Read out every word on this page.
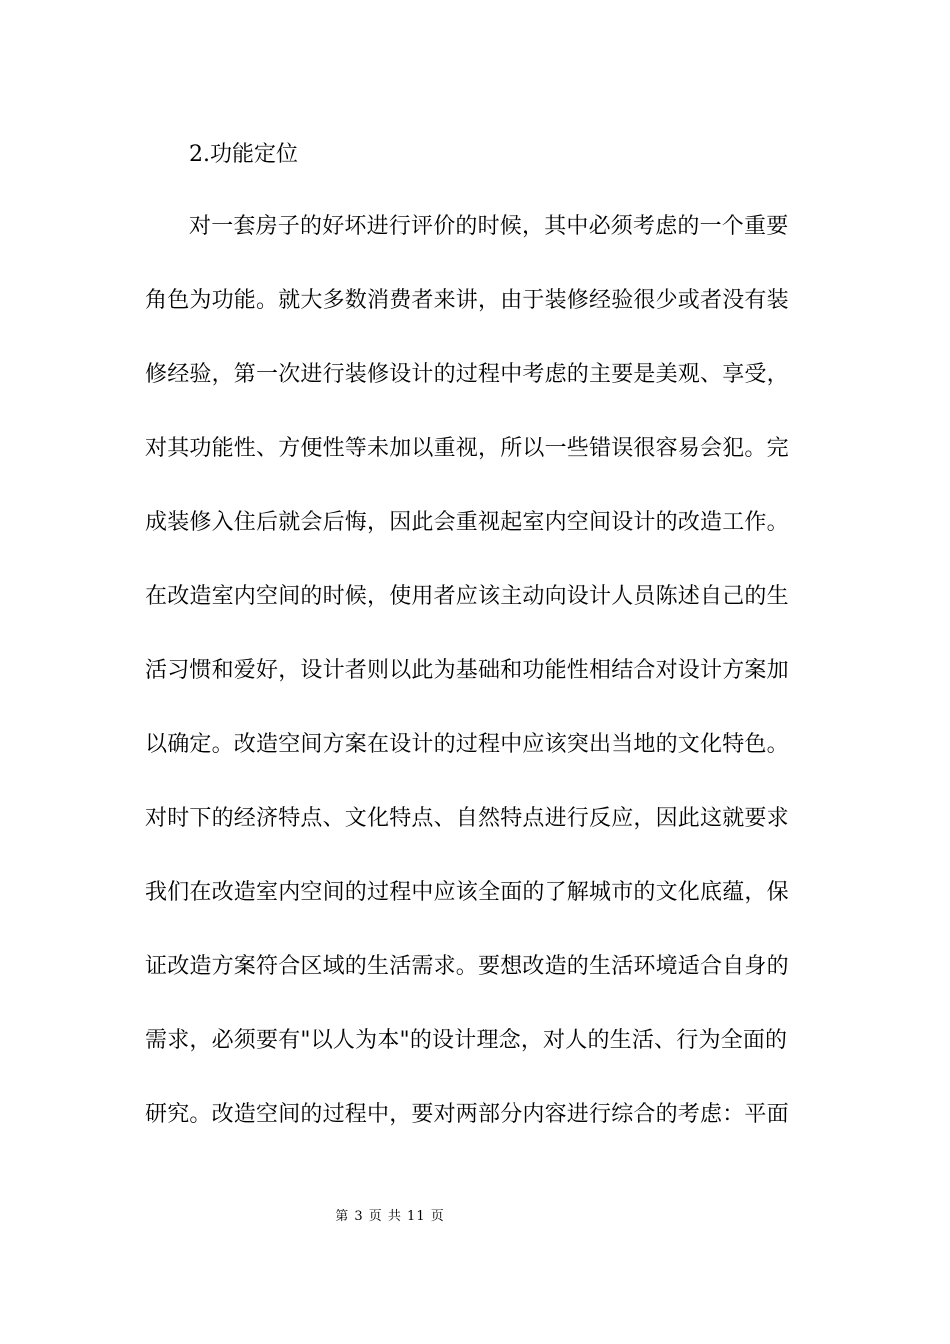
2.功能定位
对一套房子的好坏进行评价的时候，其中必须考虑的一个重要
角色为功能。就大多数消费者来讲，由于装修经验很少或者没有装
修经验，第一次进行装修设计的过程中考虑的主要是美观、享受，
对其功能性、方便性等未加以重视，所以一些错误很容易会犯。完
成装修入住后就会后悔，因此会重视起室内空间设计的改造工作。
在改造室内空间的时候，使用者应该主动向设计人员陈述自己的生
活习惯和爱好，设计者则以此为基础和功能性相结合对设计方案加
以确定。改造空间方案在设计的过程中应该突出当地的文化特色。
对时下的经济特点、文化特点、自然特点进行反应，因此这就要求
我们在改造室内空间的过程中应该全面的了解城市的文化底蕴，保
证改造方案符合区域的生活需求。要想改造的生活环境适合自身的
需求，必须要有"以人为本"的设计理念，对人的生活、行为全面的
研究。改造空间的过程中，要对两部分内容进行综合的考虑：平面
第 3 页 共 11 页
